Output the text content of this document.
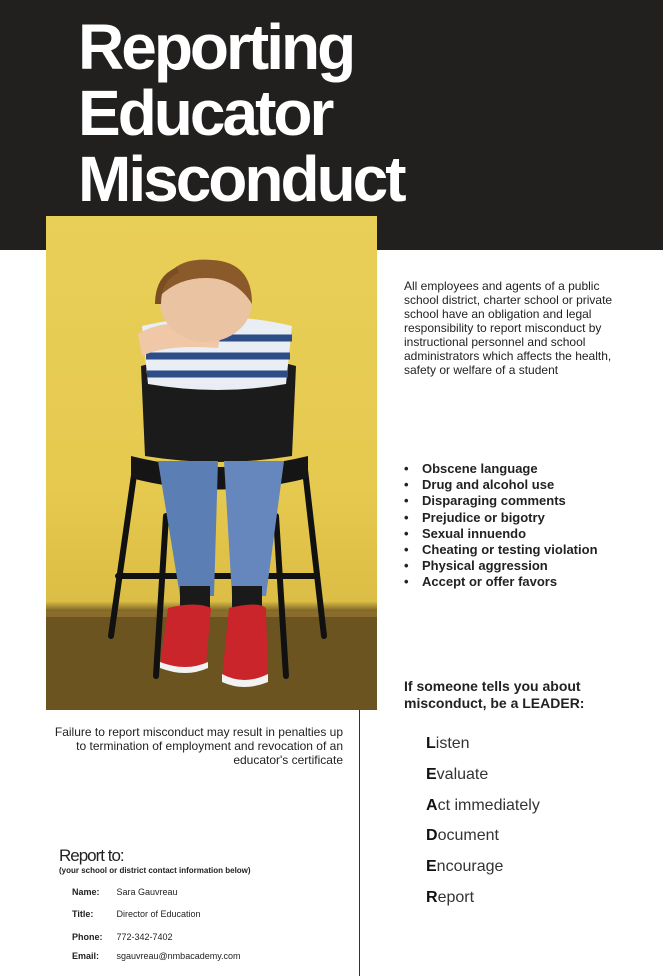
Reporting
Educator
Misconduct

All employees and agents of a public school district, charter school or private school have an obligation and legal responsibility to report misconduct by instructional personnel and school administrators which affects the health, safety or welfare of a student

• Obscene language
• Drug and alcohol use
• Disparaging comments
• Prejudice or bigotry
• Sexual innuendo
• Cheating or testing violation
• Physical aggression
• Accept or offer favors

If someone tells you about misconduct, be a LEADER:

Listen
Evaluate
Act immediately
Document
Encourage
Report

Failure to report misconduct may result in penalties up to termination of employment and revocation of an educator's certificate

Report to:

(your school or district contact information below)

Name: Sara Gauvreau
Title:	Director of Education
Phone: 772-342-7402
Email: sgauvreau@nmbacademy.com
